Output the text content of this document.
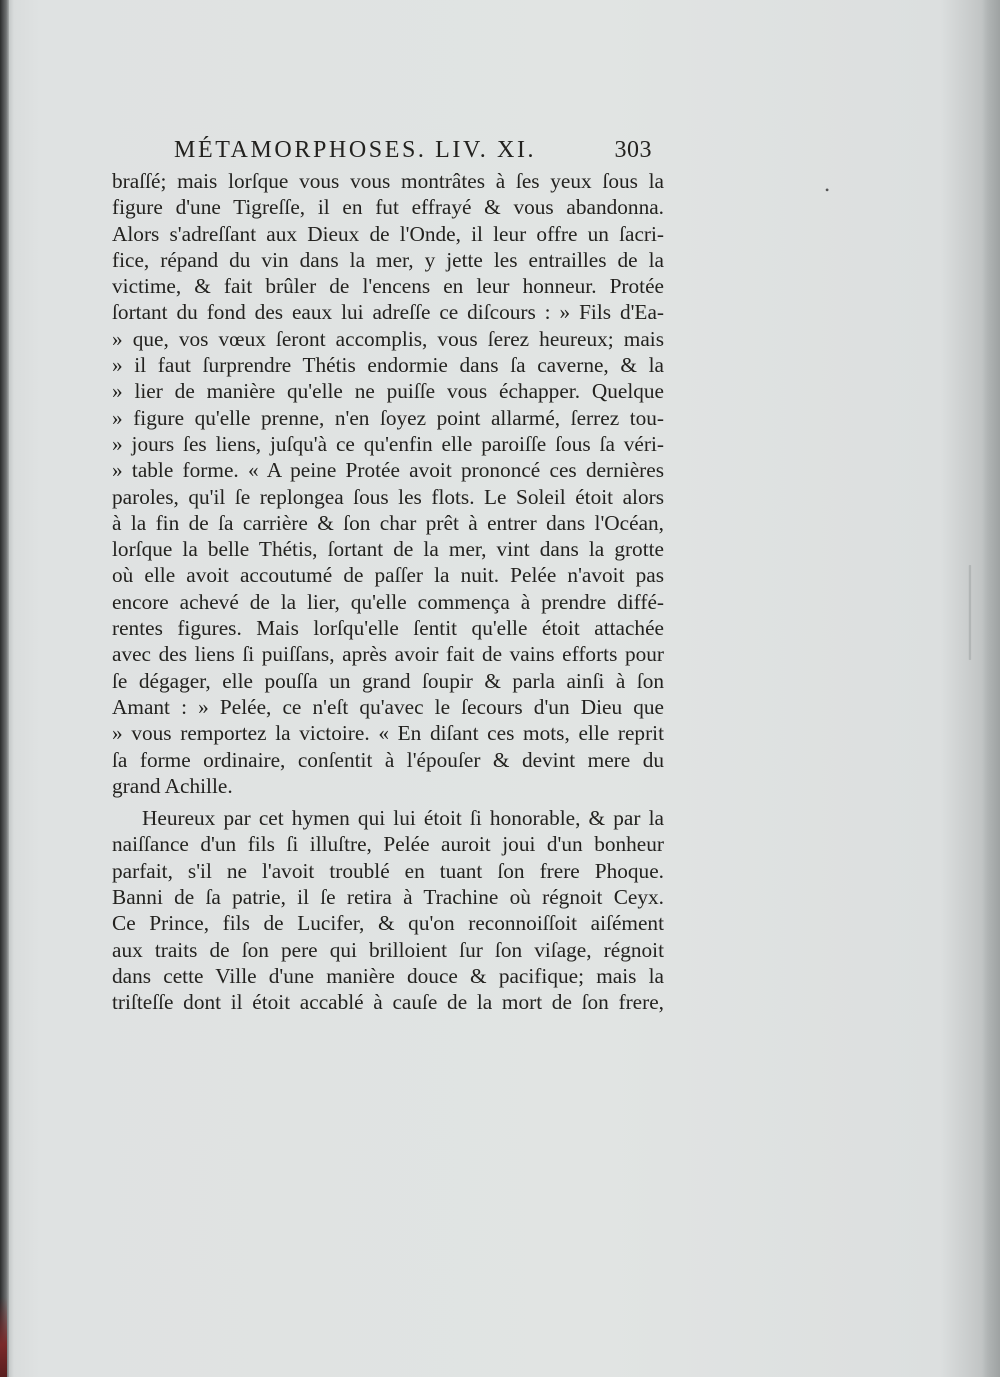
•
MÉTAMORPHOSES. LIV. XI.	303
braſſé; mais lorſque vous vous montrâtes à ſes yeux ſous la
figure d'une Tigreſſe, il en fut effrayé & vous abandonna.
Alors s'adreſſant aux Dieux de l'Onde, il leur offre un ſacri-
fice, répand du vin dans la mer, y jette les entrailles de la
victime, & fait brûler de l'encens en leur honneur. Protée
ſortant du fond des eaux lui adreſſe ce diſcours : » Fils d'Ea-
» que, vos vœux ſeront accomplis, vous ſerez heureux; mais
» il faut ſurprendre Thétis endormie dans ſa caverne, & la
» lier de manière qu'elle ne puiſſe vous échapper. Quelque
» figure qu'elle prenne, n'en ſoyez point allarmé, ſerrez tou-
» jours ſes liens, juſqu'à ce qu'enfin elle paroiſſe ſous ſa véri-
» table forme. « A peine Protée avoit prononcé ces dernières
paroles, qu'il ſe replongea ſous les flots. Le Soleil étoit alors
à la fin de ſa carrière & ſon char prêt à entrer dans l'Océan,
lorſque la belle Thétis, ſortant de la mer, vint dans la grotte
où elle avoit accoutumé de paſſer la nuit. Pelée n'avoit pas
encore achevé de la lier, qu'elle commença à prendre diffé-
rentes figures. Mais lorſqu'elle ſentit qu'elle étoit attachée
avec des liens ſi puiſſans, après avoir fait de vains efforts pour
ſe dégager, elle pouſſa un grand ſoupir & parla ainſi à ſon
Amant : » Pelée, ce n'eſt qu'avec le ſecours d'un Dieu que
» vous remportez la victoire. « En diſant ces mots, elle reprit
ſa forme ordinaire, conſentit à l'épouſer & devint mere du
grand Achille.
Heureux par cet hymen qui lui étoit ſi honorable, & par la
naiſſance d'un fils ſi illuſtre, Pelée auroit joui d'un bonheur
parfait, s'il ne l'avoit troublé en tuant ſon frere Phoque.
Banni de ſa patrie, il ſe retira à Trachine où régnoit Ceyx.
Ce Prince, fils de Lucifer, & qu'on reconnoiſſoit aiſément
aux traits de ſon pere qui brilloient ſur ſon viſage, régnoit
dans cette Ville d'une manière douce & pacifique; mais la
triſteſſe dont il étoit accablé à cauſe de la mort de ſon frere,
